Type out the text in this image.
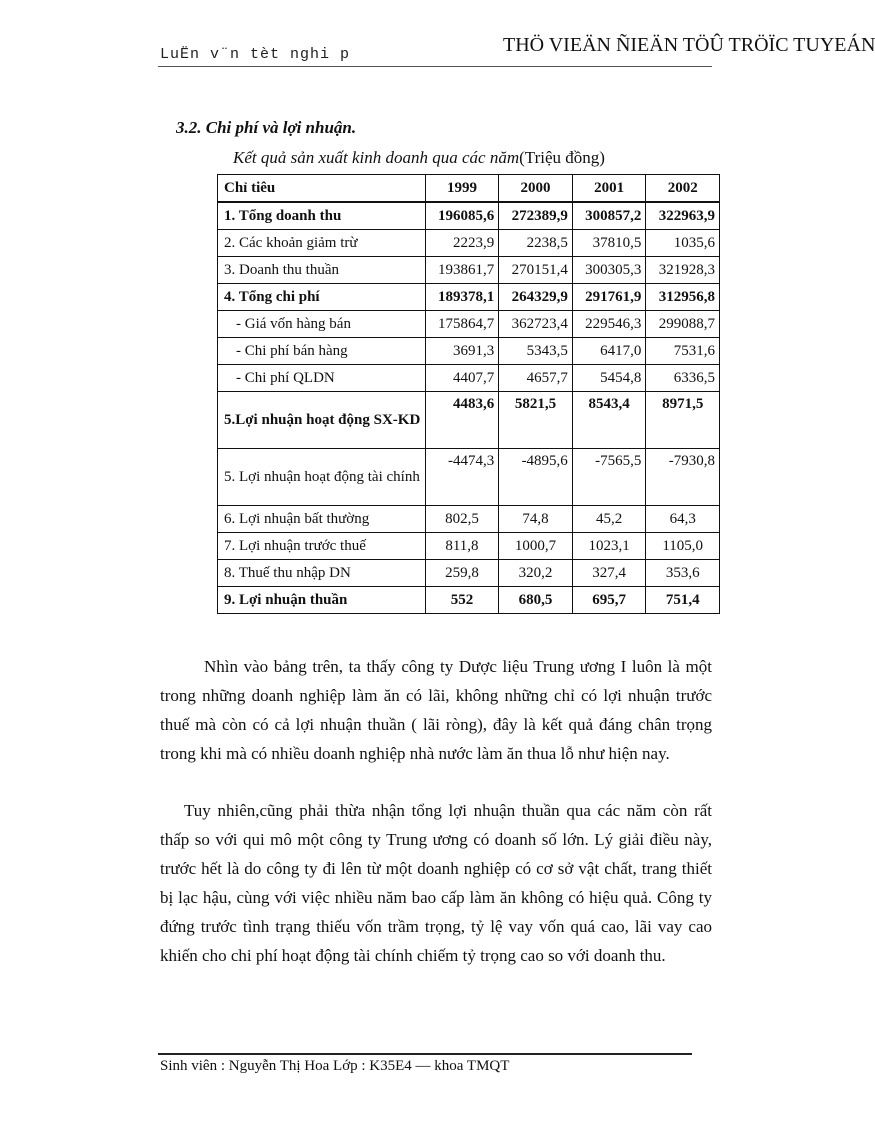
LuËn v¨n tèt nghi p	THÖ VIEÄN ÑIEÄN TÖÛ TRÖÏC TUYEÁN
3.2. Chi phí và lợi nhuận.
Kết quả sản xuất kinh doanh qua các năm(Triệu đồng)
Chỉ tiêu	1999	2000	2001	2002
1. Tổng doanh thu	196085,6	272389,9	300857,2	322963,9
2. Các khoản giảm trừ	2223,9	2238,5	37810,5	1035,6
3. Doanh thu thuần	193861,7	270151,4	300305,3	321928,3
4. Tổng chi phí	189378,1	264329,9	291761,9	312956,8
- Giá vốn hàng bán	175864,7	362723,4	229546,3	299088,7
- Chi phí bán hàng	3691,3	5343,5	6417,0	7531,6
- Chi phí QLDN	4407,7	4657,7	5454,8	6336,5
5.Lợi nhuận hoạt động SX-KD	4483,6	5821,5	8543,4	8971,5
5. Lợi nhuận hoạt động tài chính	-4474,3	-4895,6	-7565,5	-7930,8
6. Lợi nhuận bất thường	802,5	74,8	45,2	64,3
7. Lợi nhuận trước thuế	811,8	1000,7	1023,1	1105,0
8. Thuế thu nhập DN	259,8	320,2	327,4	353,6
9. Lợi nhuận thuần	552	680,5	695,7	751,4

Nhìn vào bảng trên, ta thấy công ty Dược liệu Trung ương I luôn là một trong những doanh nghiệp làm ăn có lãi, không những chỉ có lợi nhuận trước thuế mà còn có cả lợi nhuận thuần ( lãi ròng), đây là kết quả đáng chân trọng trong khi mà có nhiều doanh nghiệp nhà nước làm ăn thua lỗ như hiện nay.

Tuy nhiên,cũng phải thừa nhận tổng lợi nhuận thuần qua các năm còn rất thấp so với qui mô một công ty Trung ương có doanh số lớn. Lý giải điều này, trước hết là do công ty đi lên từ một doanh nghiệp có cơ sở vật chất, trang thiết bị lạc hậu, cùng với việc nhiều năm bao cấp làm ăn không có hiệu quả. Công ty đứng trước tình trạng thiếu vốn trầm trọng, tỷ lệ vay vốn quá cao, lãi vay cao khiến cho chi phí hoạt động tài chính chiếm tỷ trọng cao so với doanh thu.

Sinh viên : Nguyễn Thị Hoa Lớp : K35E4 — khoa TMQT
